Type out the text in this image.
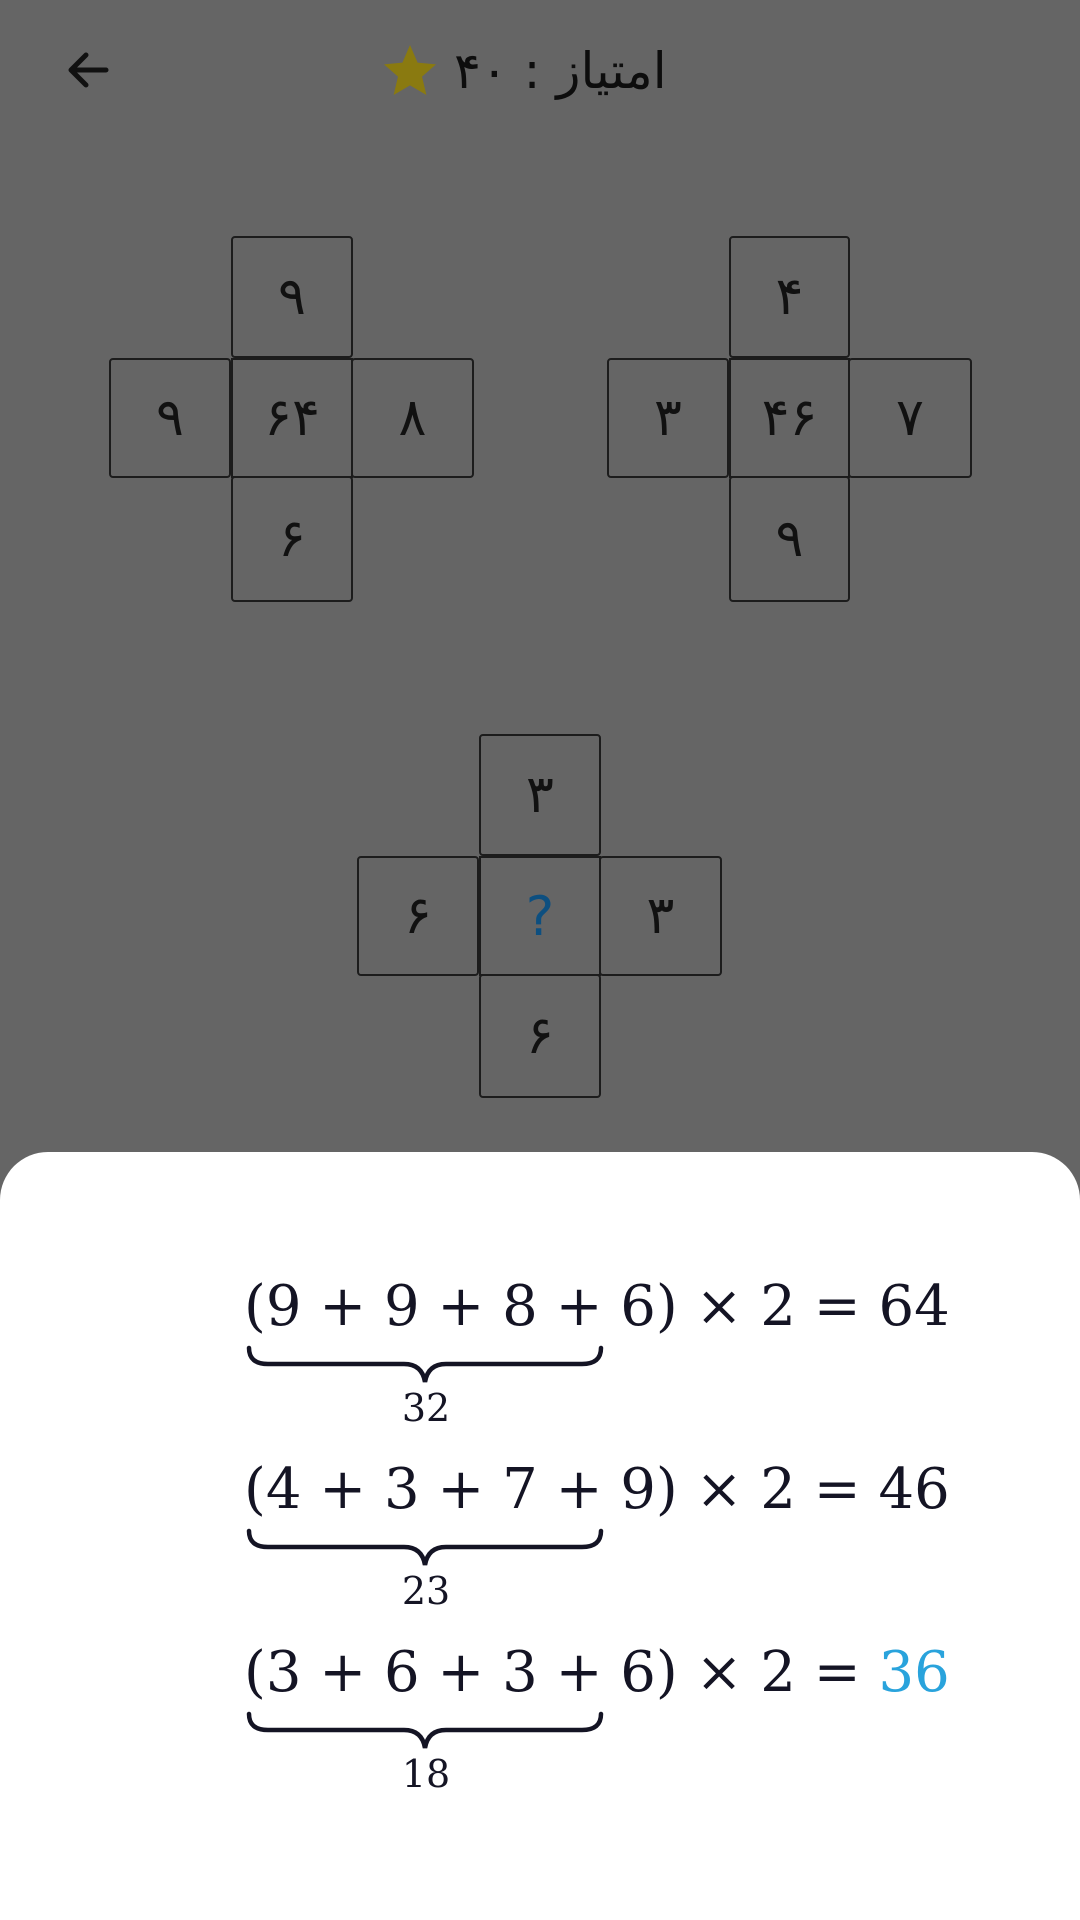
امتیاز : ۴۰
۹
۹	۶۴	۸
۶
۴
۳	۴۶	۷
۹
۳
۶	?	۳
۶
(9 + 9 + 8 + 6) × 2 = 64
32
(4 + 3 + 7 + 9) × 2 = 46
23
(3 + 6 + 3 + 6) × 2 = 36
18
